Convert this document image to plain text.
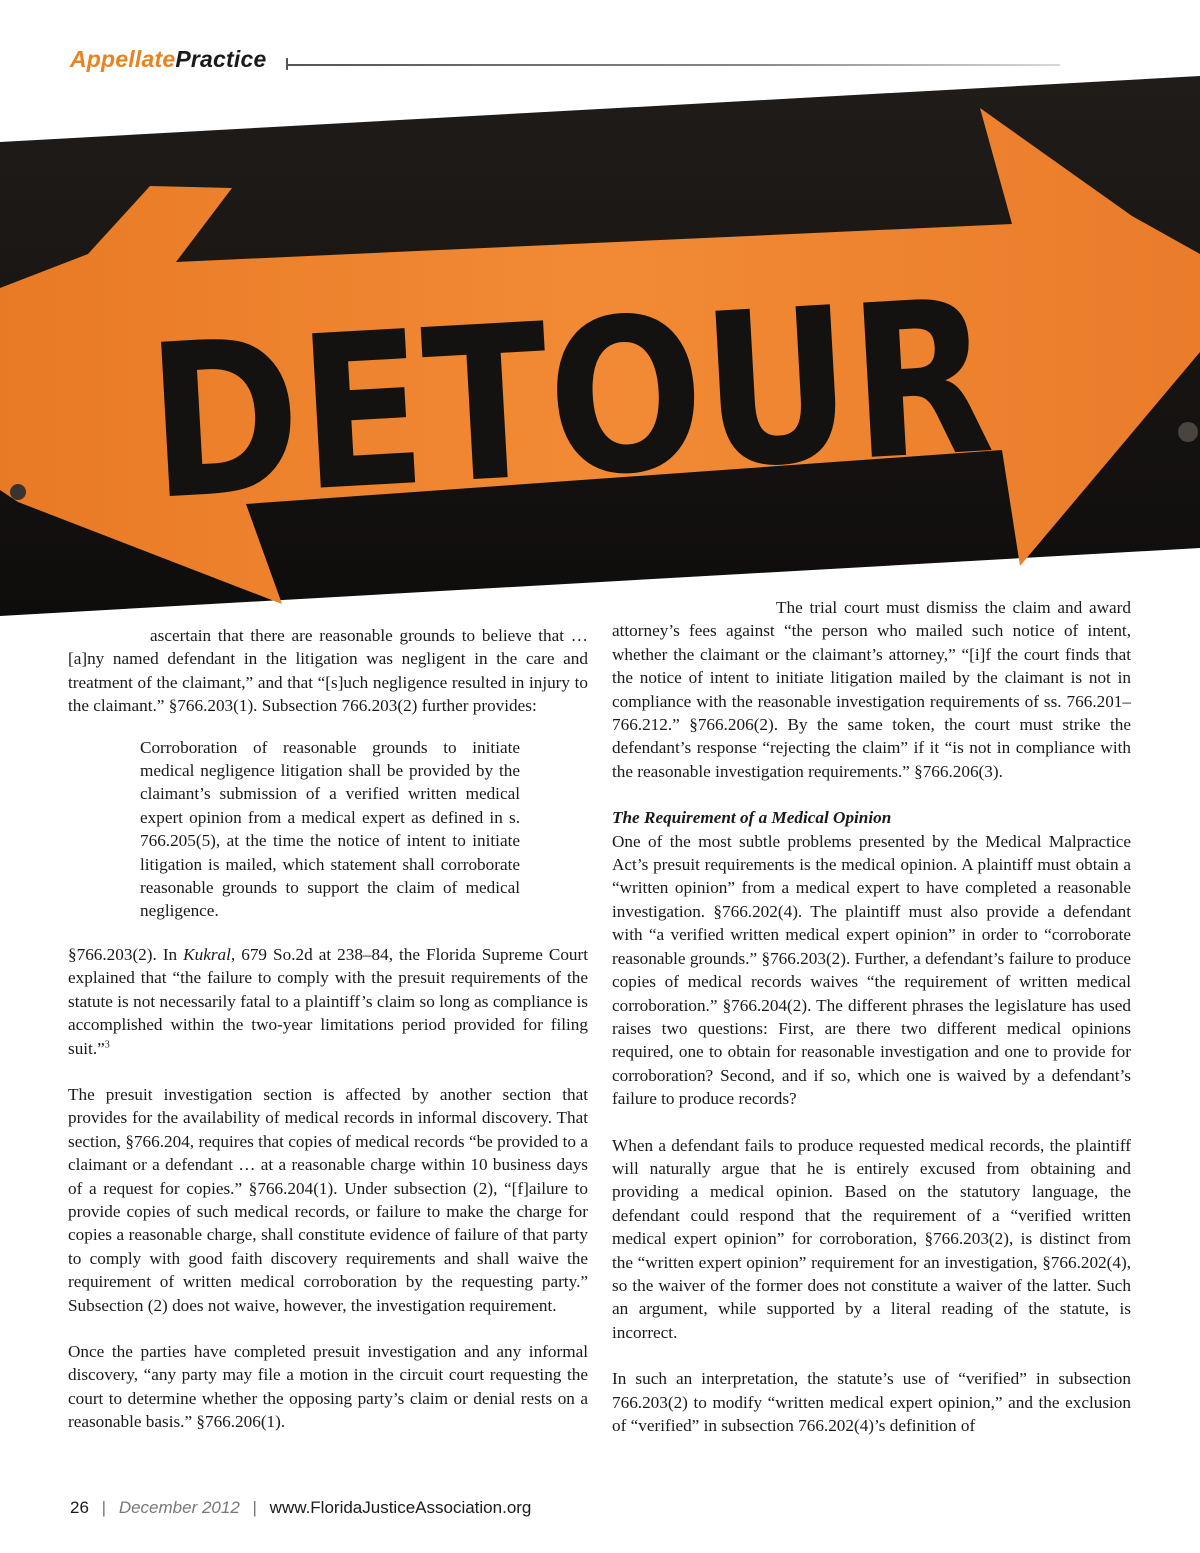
AppellatePractice
DETOUR

ascertain that there are reasonable grounds to believe that … [a]ny named defendant in the litigation was negligent in the care and treatment of the claimant,” and that “[s]uch negligence resulted in injury to the claimant.” §766.203(1). Subsection 766.203(2) further provides:

Corroboration of reasonable grounds to initiate medical negligence litigation shall be provided by the claimant’s submission of a verified written medical expert opinion from a medical expert as defined in s. 766.205(5), at the time the notice of intent to initiate litigation is mailed, which statement shall corroborate reasonable grounds to support the claim of medical negligence.

§766.203(2). In Kukral, 679 So.2d at 238–84, the Florida Supreme Court explained that “the failure to comply with the presuit requirements of the statute is not necessarily fatal to a plaintiff’s claim so long as compliance is accomplished within the two-year limitations period provided for filing suit.”$^3$

The presuit investigation section is affected by another section that provides for the availability of medical records in informal discovery. That section, §766.204, requires that copies of medical records “be provided to a claimant or a defendant … at a reasonable charge within 10 business days of a request for copies.” §766.204(1). Under subsection (2), “[f]ailure to provide copies of such medical records, or failure to make the charge for copies a reasonable charge, shall constitute evidence of failure of that party to comply with good faith discovery requirements and shall waive the requirement of written medical corroboration by the requesting party.” Subsection (2) does not waive, however, the investigation requirement.

Once the parties have completed presuit investigation and any informal discovery, “any party may file a motion in the circuit court requesting the court to determine whether the opposing party’s claim or denial rests on a reasonable basis.” §766.206(1).

The trial court must dismiss the claim and award attorney’s fees against “the person who mailed such notice of intent, whether the claimant or the claimant’s attorney,” “[i]f the court finds that the notice of intent to initiate litigation mailed by the claimant is not in compliance with the reasonable investigation requirements of ss. 766.201–766.212.” §766.206(2). By the same token, the court must strike the defendant’s response “rejecting the claim” if it “is not in compliance with the reasonable investigation requirements.” §766.206(3).

The Requirement of a Medical Opinion

One of the most subtle problems presented by the Medical Malpractice Act’s presuit requirements is the medical opinion. A plaintiff must obtain a “written opinion” from a medical expert to have completed a reasonable investigation. §766.202(4). The plaintiff must also provide a defendant with “a verified written medical expert opinion” in order to “corroborate reasonable grounds.” §766.203(2). Further, a defendant’s failure to produce copies of medical records waives “the requirement of written medical corroboration.” §766.204(2). The different phrases the legislature has used raises two questions: First, are there two different medical opinions required, one to obtain for reasonable investigation and one to provide for corroboration? Second, and if so, which one is waived by a defendant’s failure to produce records?

When a defendant fails to produce requested medical records, the plaintiff will naturally argue that he is entirely excused from obtaining and providing a medical opinion. Based on the statutory language, the defendant could respond that the requirement of a “verified written medical expert opinion” for corroboration, §766.203(2), is distinct from the “written expert opinion” requirement for an investigation, §766.202(4), so the waiver of the former does not constitute a waiver of the latter. Such an argument, while supported by a literal reading of the statute, is incorrect.

In such an interpretation, the statute’s use of “verified” in subsection 766.203(2) to modify “written medical expert opinion,” and the exclusion of “verified” in subsection 766.202(4)’s definition of

26 | December 2012 | www.FloridaJusticeAssociation.org
